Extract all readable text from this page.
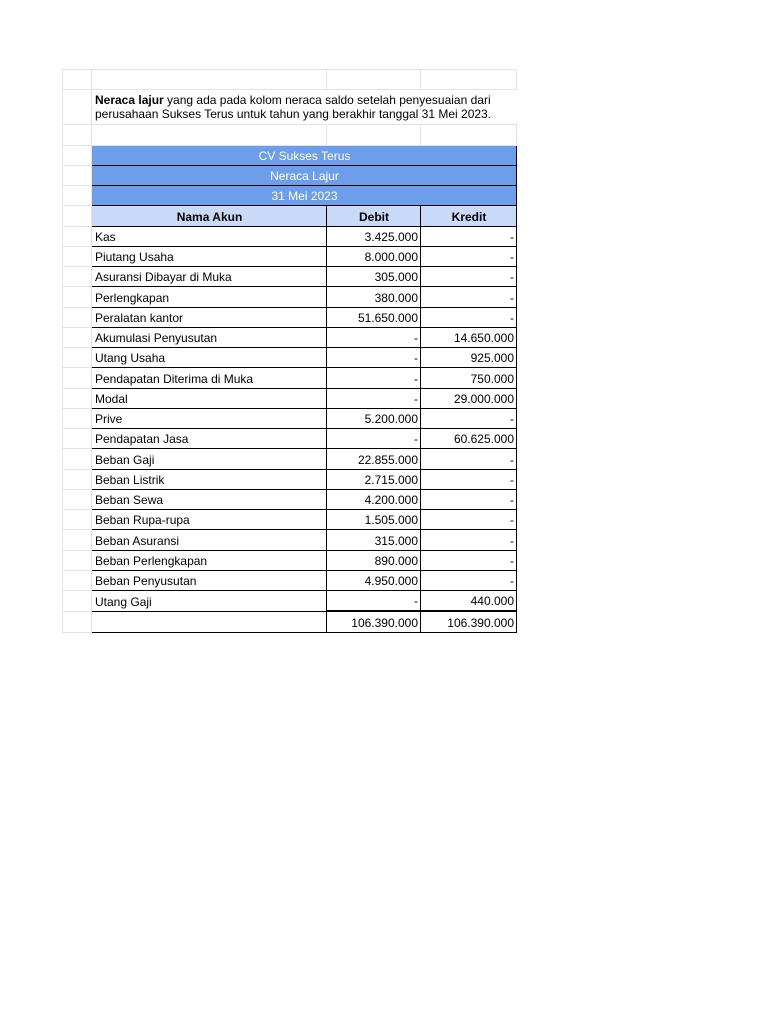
	Neraca lajur yang ada pada kolom neraca saldo setelah penyesuaian dari perusahaan Sukses Terus untuk tahun yang berakhir tanggal 31 Mei 2023.		

	CV Sukses Terus		
	Neraca Lajur		
	31 Mei 2023		
	Nama Akun	Debit	Kredit
	Kas	3.425.000	-
	Piutang Usaha	8.000.000	-
	Asuransi Dibayar di Muka	305.000	-
	Perlengkapan	380.000	-
	Peralatan kantor	51.650.000	-
	Akumulasi Penyusutan	-	14.650.000
	Utang Usaha	-	925.000
	Pendapatan Diterima di Muka	-	750.000
	Modal	-	29.000.000
	Prive	5.200.000	-
	Pendapatan Jasa	-	60.625.000
	Beban Gaji	22.855.000	-
	Beban Listrik	2.715.000	-
	Beban Sewa	4.200.000	-
	Beban Rupa-rupa	1.505.000	-
	Beban Asuransi	315.000	-
	Beban Perlengkapan	890.000	-
	Beban Penyusutan	4.950.000	-
	Utang Gaji	-	440.000
		106.390.000	106.390.000
